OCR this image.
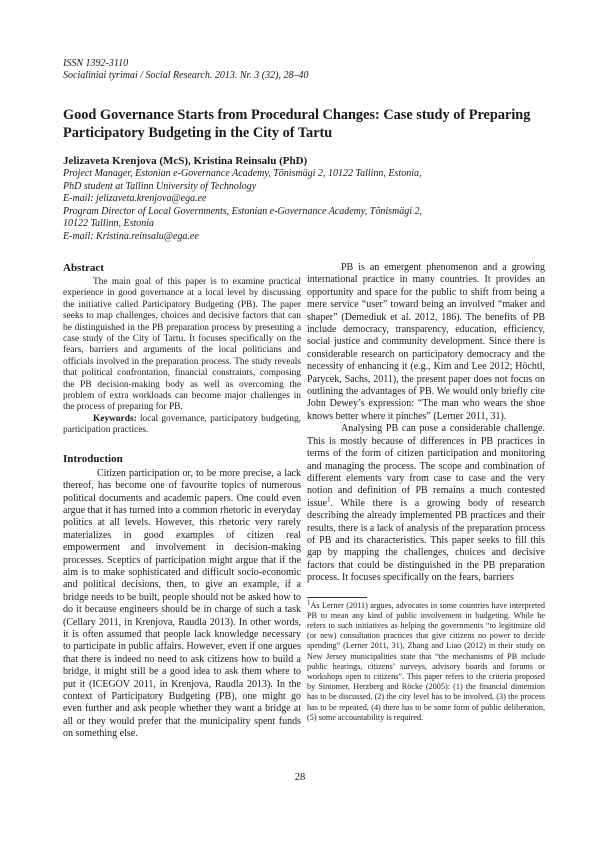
ISSN 1392-3110
Socialiniai tyrimai / Social Research. 2013. Nr. 3 (32), 28–40
Good Governance Starts from Procedural Changes: Case study of Preparing Participatory Budgeting in the City of Tartu
Jelizaveta Krenjova (McS), Kristina Reinsalu (PhD)
Project Manager, Estonian e-Governance Academy, Tõnismägi 2, 10122 Tallinn, Estonia,
PhD student at Tallinn University of Technology
E-mail: jelizaveta.krenjova@ega.ee
Program Director of Local Governments, Estonian e-Governance Academy, Tõnismägi 2,
10122 Tallinn, Estonia
E-mail: Kristina.reinsalu@ega.ee
Abstract

The main goal of this paper is to examine practical experience in good governance at a local level by discussing the initiative called Participatory Budgeting (PB). The paper seeks to map challenges, choices and decisive factors that can be distinguished in the PB preparation process by presenting a case study of the City of Tartu. It focuses specifically on the fears, barriers and arguments of the local politicians and officials involved in the preparation process. The study reveals that political confrontation, financial constraints, composing the PB decision-making body as well as overcoming the problem of extra workloads can become major challenges in the process of preparing for PB.

Keywords: local governance, participatory budgeting, participation practices.

Introduction

Citizen participation or, to be more precise, a lack thereof, has become one of favourite topics of numerous political documents and academic papers. One could even argue that it has turned into a common rhetoric in everyday politics at all levels. However, this rhetoric very rarely materializes in good examples of citizen real empowerment and involvement in decision-making processes. Sceptics of participation might argue that if the aim is to make sophisticated and difficult socio-economic and political decisions, then, to give an example, if a bridge needs to be built, people should not be asked how to do it because engineers should be in charge of such a task (Cellary 2011, in Krenjova, Raudla 2013). In other words, it is often assumed that people lack knowledge necessary to participate in public affairs. However, even if one argues that there is indeed no need to ask citizens how to build a bridge, it might still be a good idea to ask them where to put it (ICEGOV 2011, in Krenjova, Raudla 2013). In the context of Participatory Budgeting (PB), one might go even further and ask people whether they want a bridge at all or they would prefer that the municipality spent funds on something else.

PB is an emergent phenomenon and a growing international practice in many countries. It provides an opportunity and space for the public to shift from being a mere service “user” toward being an involved “maker and shaper” (Demediuk et al. 2012, 186). The benefits of PB include democracy, transparency, education, efficiency, social justice and community development. Since there is considerable research on participatory democracy and the necessity of enhancing it (e.g., Kim and Lee 2012; Höchtl, Parycek, Sachs, 2011), the present paper does not focus on outlining the advantages of PB. We would only briefly cite John Dewey’s expression: “The man who wears the shoe knows better where it pinches” (Lerner 2011, 31).

Analysing PB can pose a considerable challenge. This is mostly because of differences in PB practices in terms of the form of citizen participation and monitoring and managing the process. The scope and combination of different elements vary from case to case and the very notion and definition of PB remains a much contested issue$^1$. While there is a growing body of research describing the already implemented PB practices and their results, there is a lack of analysis of the preparation process of PB and its characteristics. This paper seeks to fill this gap by mapping the challenges, choices and decisive factors that could be distinguished in the PB preparation process. It focuses specifically on the fears, barriers

$^1$As Lerner (2011) argues, advocates in some countries have interpreted PB to mean any kind of public involvement in budgeting. While he refers to such initiatives as helping the governments “to legitimize old (or new) consultation practices that give citizens no power to decide spending” (Lerner 2011, 31), Zhang and Liao (2012) in their study on New Jersey municipalities state that “the mechanisms of PB include public hearings, citizens’ surveys, advisory boards and forums or workshops open to citizens”. This paper refers to the criteria proposed by Sintomer, Herzberg and Röcke (2005): (1) the financial dimension has to be discussed, (2) the city level has to be involved, (3) the process has to be repeated, (4) there has to be some form of public deliberation, (5) some accountability is required.

28
